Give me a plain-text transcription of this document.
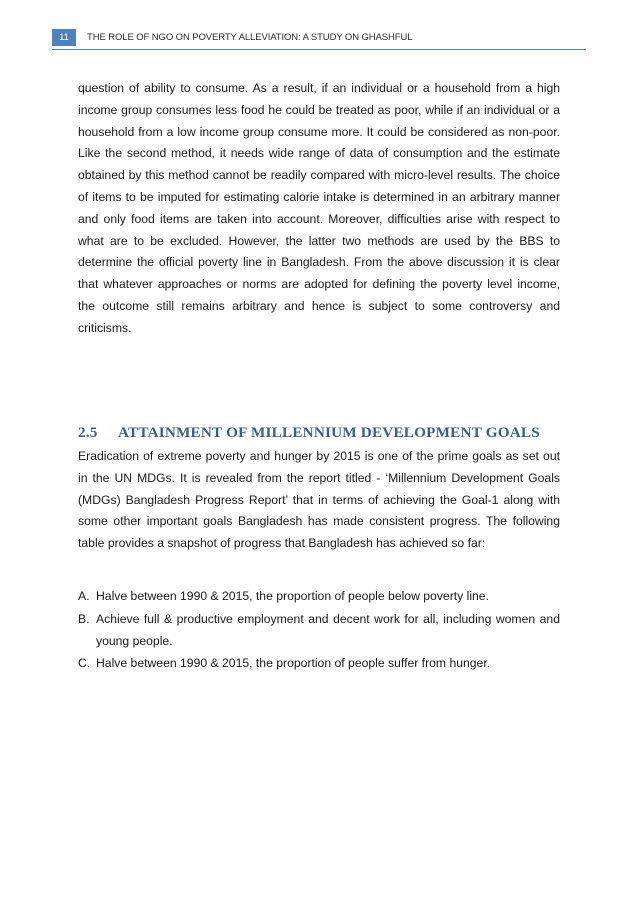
11	THE ROLE OF NGO ON POVERTY ALLEVIATION: A STUDY ON GHASHFUL

question of ability to consume. As a result, if an individual or a household from a high income group consumes less food he could be treated as poor, while if an individual or a household from a low income group consume more. It could be considered as non-poor. Like the second method, it needs wide range of data of consumption and the estimate obtained by this method cannot be readily compared with micro-level results. The choice of items to be imputed for estimating calorie intake is determined in an arbitrary manner and only food items are taken into account. Moreover, difficulties arise with respect to what are to be excluded. However, the latter two methods are used by the BBS to determine the official poverty line in Bangladesh. From the above discussion it is clear that whatever approaches or norms are adopted for defining the poverty level income, the outcome still remains arbitrary and hence is subject to some controversy and criticisms.

2.5 ATTAINMENT OF MILLENNIUM DEVELOPMENT GOALS

Eradication of extreme poverty and hunger by 2015 is one of the prime goals as set out in the UN MDGs. It is revealed from the report titled - ‘Millennium Development Goals (MDGs) Bangladesh Progress Report’ that in terms of achieving the Goal-1 along with some other important goals Bangladesh has made consistent progress. The following table provides a snapshot of progress that Bangladesh has achieved so far:

A. Halve between 1990 & 2015, the proportion of people below poverty line.
B. Achieve full & productive employment and decent work for all, including women and young people.
C. Halve between 1990 & 2015, the proportion of people suffer from hunger.
